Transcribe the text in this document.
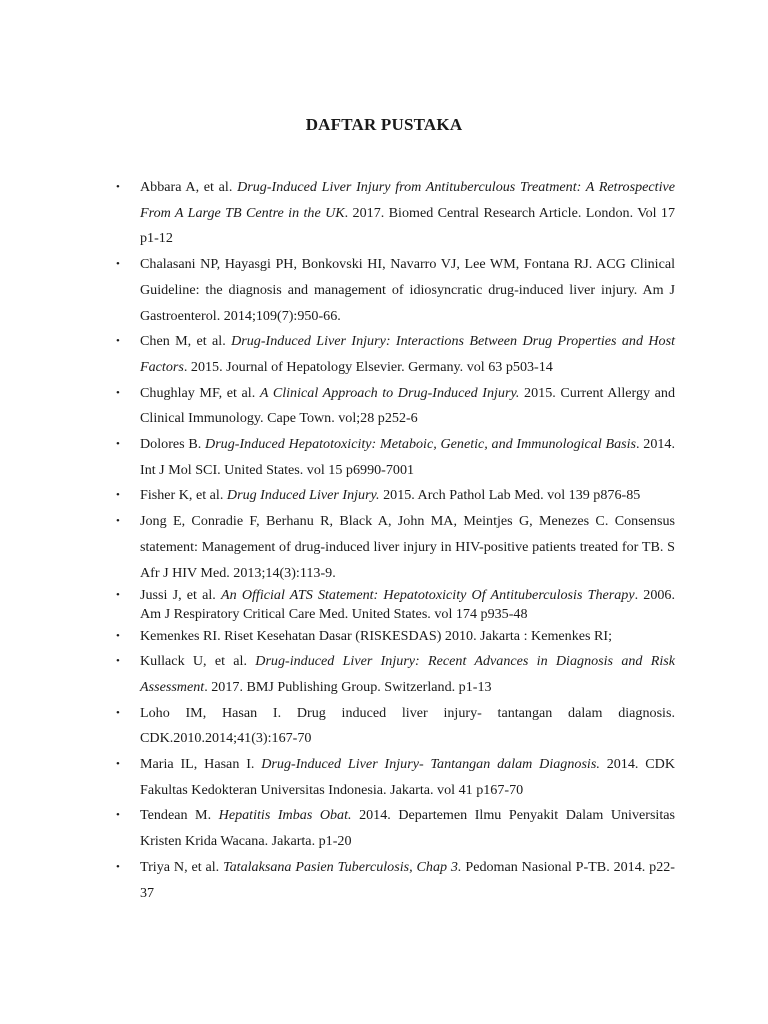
DAFTAR PUSTAKA
• Abbara A, et al. Drug-Induced Liver Injury from Antituberculous Treatment: A Retrospective From A Large TB Centre in the UK. 2017. Biomed Central Research Article. London. Vol 17 p1-12
• Chalasani NP, Hayasgi PH, Bonkovski HI, Navarro VJ, Lee WM, Fontana RJ. ACG Clinical Guideline: the diagnosis and management of idiosyncratic drug-induced liver injury. Am J Gastroenterol. 2014;109(7):950-66.
• Chen M, et al. Drug-Induced Liver Injury: Interactions Between Drug Properties and Host Factors. 2015. Journal of Hepatology Elsevier. Germany. vol 63 p503-14
• Chughlay MF, et al. A Clinical Approach to Drug-Induced Injury. 2015. Current Allergy and Clinical Immunology. Cape Town. vol;28 p252-6
• Dolores B. Drug-Induced Hepatotoxicity: Metaboic, Genetic, and Immunological Basis. 2014. Int J Mol SCI. United States. vol 15 p6990-7001
• Fisher K, et al. Drug Induced Liver Injury. 2015. Arch Pathol Lab Med. vol 139 p876-85
• Jong E, Conradie F, Berhanu R, Black A, John MA, Meintjes G, Menezes C. Consensus statement: Management of drug-induced liver injury in HIV-positive patients treated for TB. S Afr J HIV Med. 2013;14(3):113-9.
• Jussi J, et al. An Official ATS Statement: Hepatotoxicity Of Antituberculosis Therapy. 2006. Am J Respiratory Critical Care Med. United States. vol 174 p935-48
• Kemenkes RI. Riset Kesehatan Dasar (RISKESDAS) 2010. Jakarta : Kemenkes RI;
• Kullack U, et al. Drug-induced Liver Injury: Recent Advances in Diagnosis and Risk Assessment. 2017. BMJ Publishing Group. Switzerland. p1-13
• Loho IM, Hasan I. Drug induced liver injury- tantangan dalam diagnosis. CDK.2010.2014;41(3):167-70
• Maria IL, Hasan I. Drug-Induced Liver Injury- Tantangan dalam Diagnosis. 2014. CDK Fakultas Kedokteran Universitas Indonesia. Jakarta. vol 41 p167-70
• Tendean M. Hepatitis Imbas Obat. 2014. Departemen Ilmu Penyakit Dalam Universitas Kristen Krida Wacana. Jakarta. p1-20
• Triya N, et al. Tatalaksana Pasien Tuberculosis, Chap 3. Pedoman Nasional P-TB. 2014. p22-37
